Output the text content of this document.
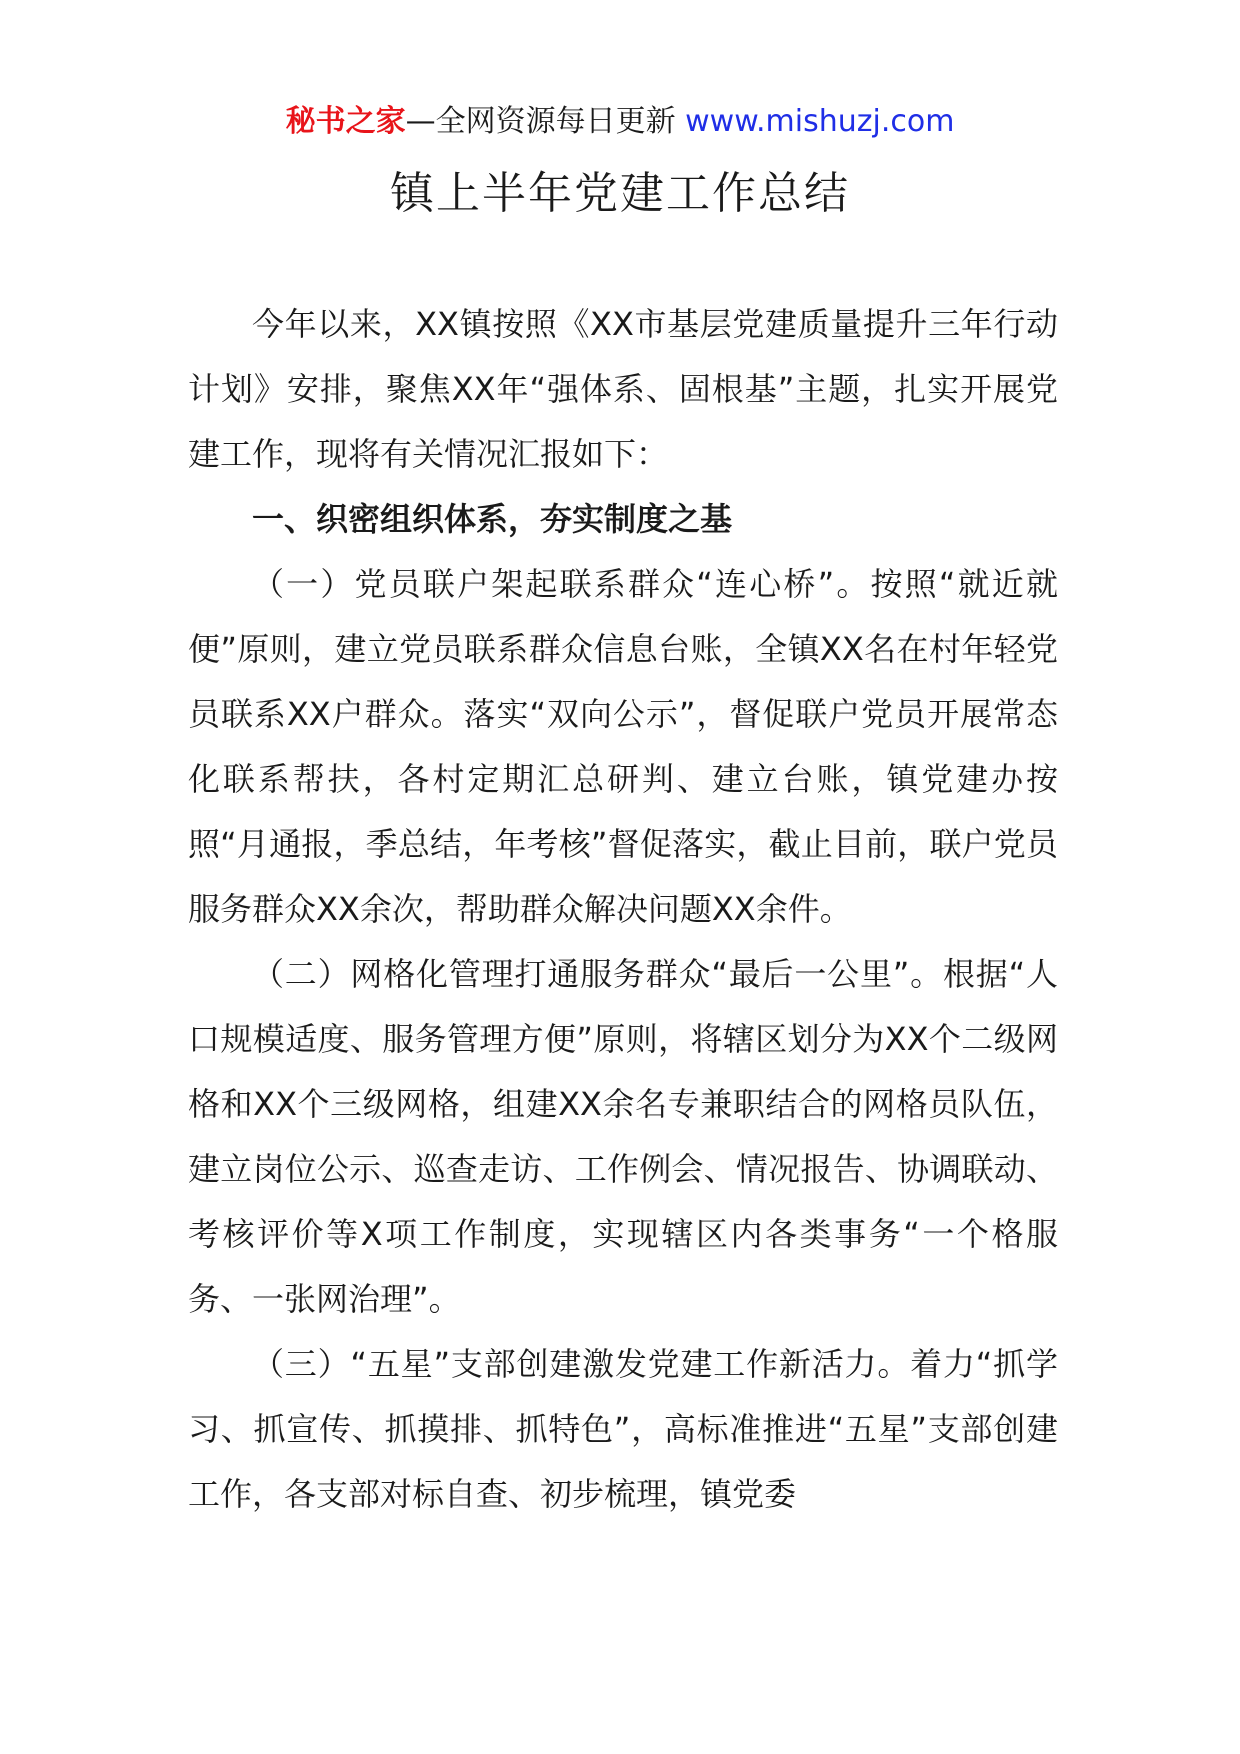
秘书之家—全网资源每日更新 www.mishuzj.com
镇上半年党建工作总结

今年以来，XX镇按照《XX市基层党建质量提升三年行动计划》安排，聚焦XX年“强体系、固根基”主题，扎实开展党建工作，现将有关情况汇报如下：

一、织密组织体系，夯实制度之基

（一）党员联户架起联系群众“连心桥”。按照“就近就便”原则，建立党员联系群众信息台账，全镇XX名在村年轻党员联系XX户群众。落实“双向公示”，督促联户党员开展常态化联系帮扶，各村定期汇总研判、建立台账，镇党建办按照“月通报，季总结，年考核”督促落实，截止目前，联户党员服务群众XX余次，帮助群众解决问题XX余件。

（二）网格化管理打通服务群众“最后一公里”。根据“人口规模适度、服务管理方便”原则，将辖区划分为XX个二级网格和XX个三级网格，组建XX余名专兼职结合的网格员队伍，建立岗位公示、巡查走访、工作例会、情况报告、协调联动、考核评价等X项工作制度，实现辖区内各类事务“一个格服务、一张网治理”。

（三）“五星”支部创建激发党建工作新活力。着力“抓学习、抓宣传、抓摸排、抓特色”，高标准推进“五星”支部创建工作，各支部对标自查、初步梳理，镇党委
